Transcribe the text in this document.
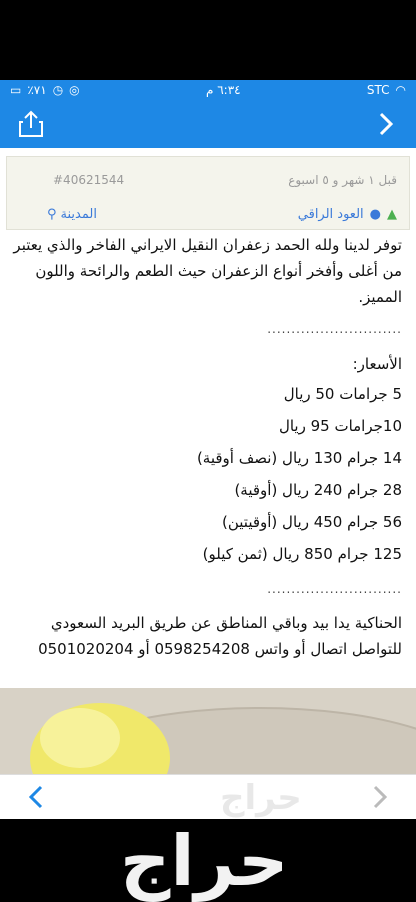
▭ ٪٧١ ◷ ◎	٦:٣٤ م	STC ◠
قبل ١ شهر و ٥ اسبوع
#40621544
العود الراقي ● ▲
⚲ المدينة

توفر لدينا ولله الحمد زعفران النقيل الايراني الفاخر والذي يعتبر من أغلى وأفخر أنواع الزعفران حيث الطعم والرائحة واللون المميز.

............................

الأسعار:

5 جرامات 50 ريال

10جرامات 95 ريال

14 جرام 130 ريال (نصف أوقية)

28 جرام 240 ريال (أوقية)

56 جرام 450 ريال (أوقيتين)

125 جرام 850 ريال (ثمن كيلو)

............................

الحناكية يدا بيد وباقي المناطق عن طريق البريد السعودي

للتواصل اتصال أو واتس 0598254208 أو 0501020204

حراج
حراج
